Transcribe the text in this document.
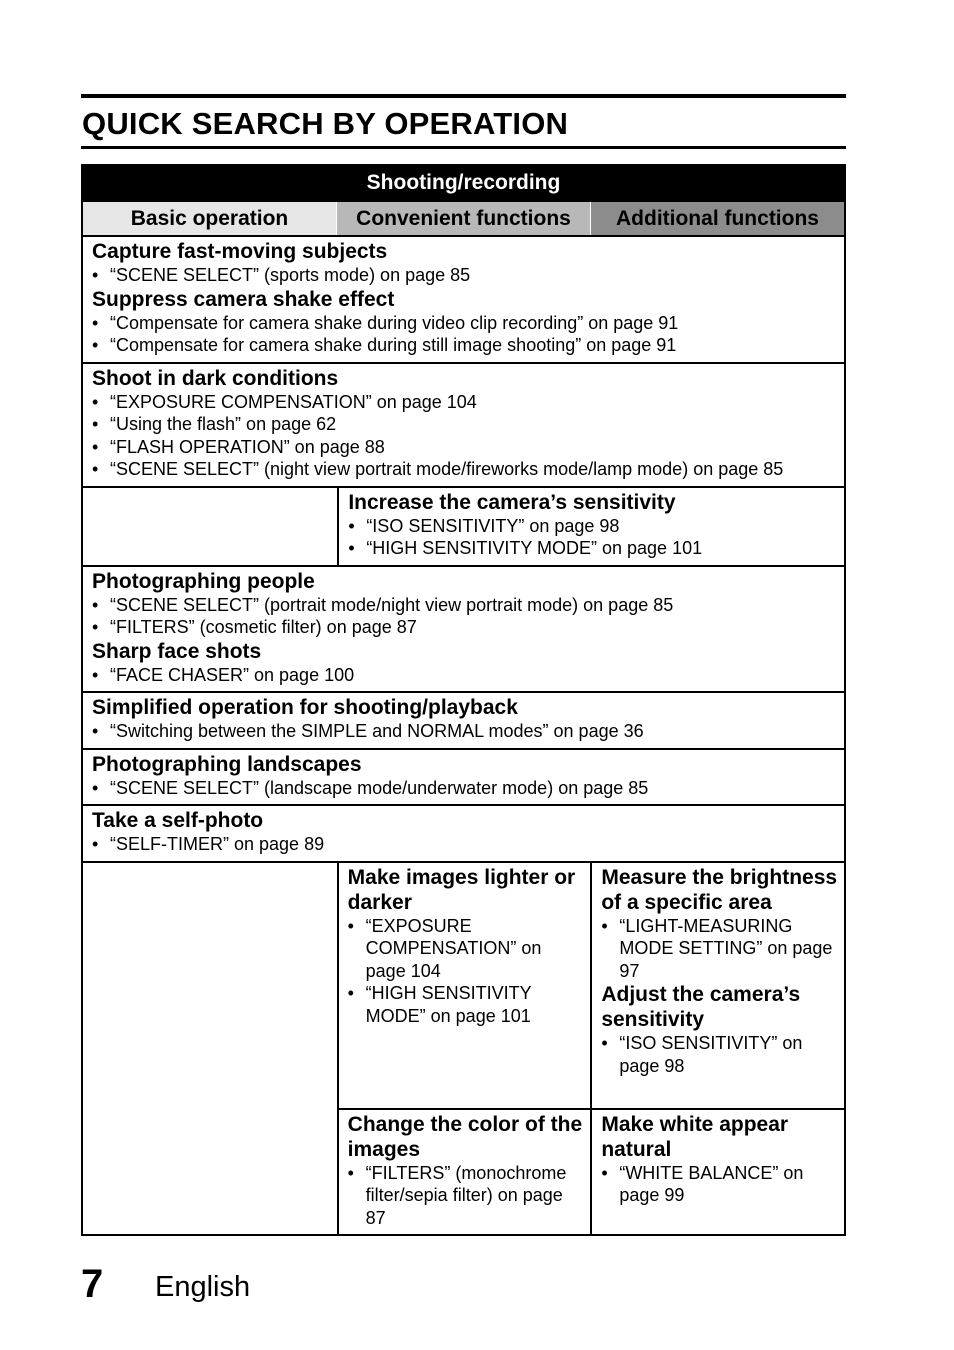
QUICK SEARCH BY OPERATION
Shooting/recording
Basic operation	Convenient functions	Additional functions
Capture fast-moving subjects
• “SCENE SELECT” (sports mode) on page 85
Suppress camera shake effect
• “Compensate for camera shake during video clip recording” on page 91
• “Compensate for camera shake during still image shooting” on page 91
Shoot in dark conditions
• “EXPOSURE COMPENSATION” on page 104
• “Using the flash” on page 62
• “FLASH OPERATION” on page 88
• “SCENE SELECT” (night view portrait mode/fireworks mode/lamp mode) on page 85
Increase the camera’s sensitivity
• “ISO SENSITIVITY” on page 98
• “HIGH SENSITIVITY MODE” on page 101
Photographing people
• “SCENE SELECT” (portrait mode/night view portrait mode) on page 85
• “FILTERS” (cosmetic filter) on page 87
Sharp face shots
• “FACE CHASER” on page 100
Simplified operation for shooting/playback
• “Switching between the SIMPLE and NORMAL modes” on page 36
Photographing landscapes
• “SCENE SELECT” (landscape mode/underwater mode) on page 85
Take a self-photo
• “SELF-TIMER” on page 89
Make images lighter or darker
• “EXPOSURE COMPENSATION” on page 104
• “HIGH SENSITIVITY MODE” on page 101
Change the color of the images
• “FILTERS” (monochrome filter/sepia filter) on page 87
Measure the brightness of a specific area
• “LIGHT-MEASURING MODE SETTING” on page 97
Adjust the camera’s sensitivity
• “ISO SENSITIVITY” on page 98
Make white appear natural
• “WHITE BALANCE” on page 99
7 English
